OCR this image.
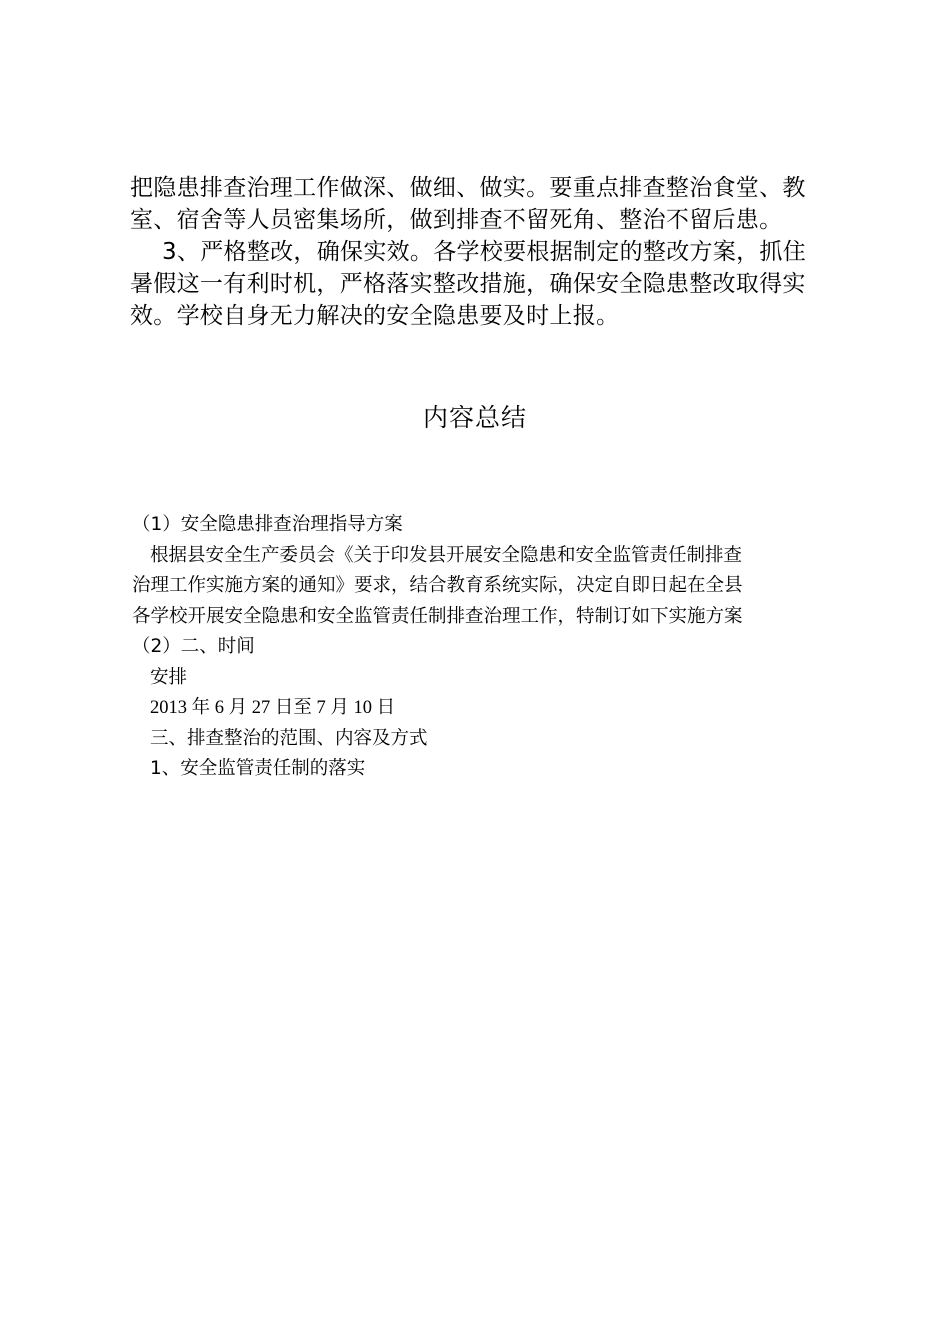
把隐患排查治理工作做深、做细、做实。要重点排查整治食堂、教室、宿舍等人员密集场所，做到排查不留死角、整治不留后患。

3、严格整改，确保实效。各学校要根据制定的整改方案，抓住暑假这一有利时机，严格落实整改措施，确保安全隐患整改取得实效。学校自身无力解决的安全隐患要及时上报。

内容总结

（1）安全隐患排查治理指导方案

根据县安全生产委员会《关于印发县开展安全隐患和安全监管责任制排查

治理工作实施方案的通知》要求，结合教育系统实际，决定自即日起在全县

各学校开展安全隐患和安全监管责任制排查治理工作，特制订如下实施方案

（2）二、时间

安排

2013 年 6 月 27 日至 7 月 10 日

三、排查整治的范围、内容及方式

1、安全监管责任制的落实
